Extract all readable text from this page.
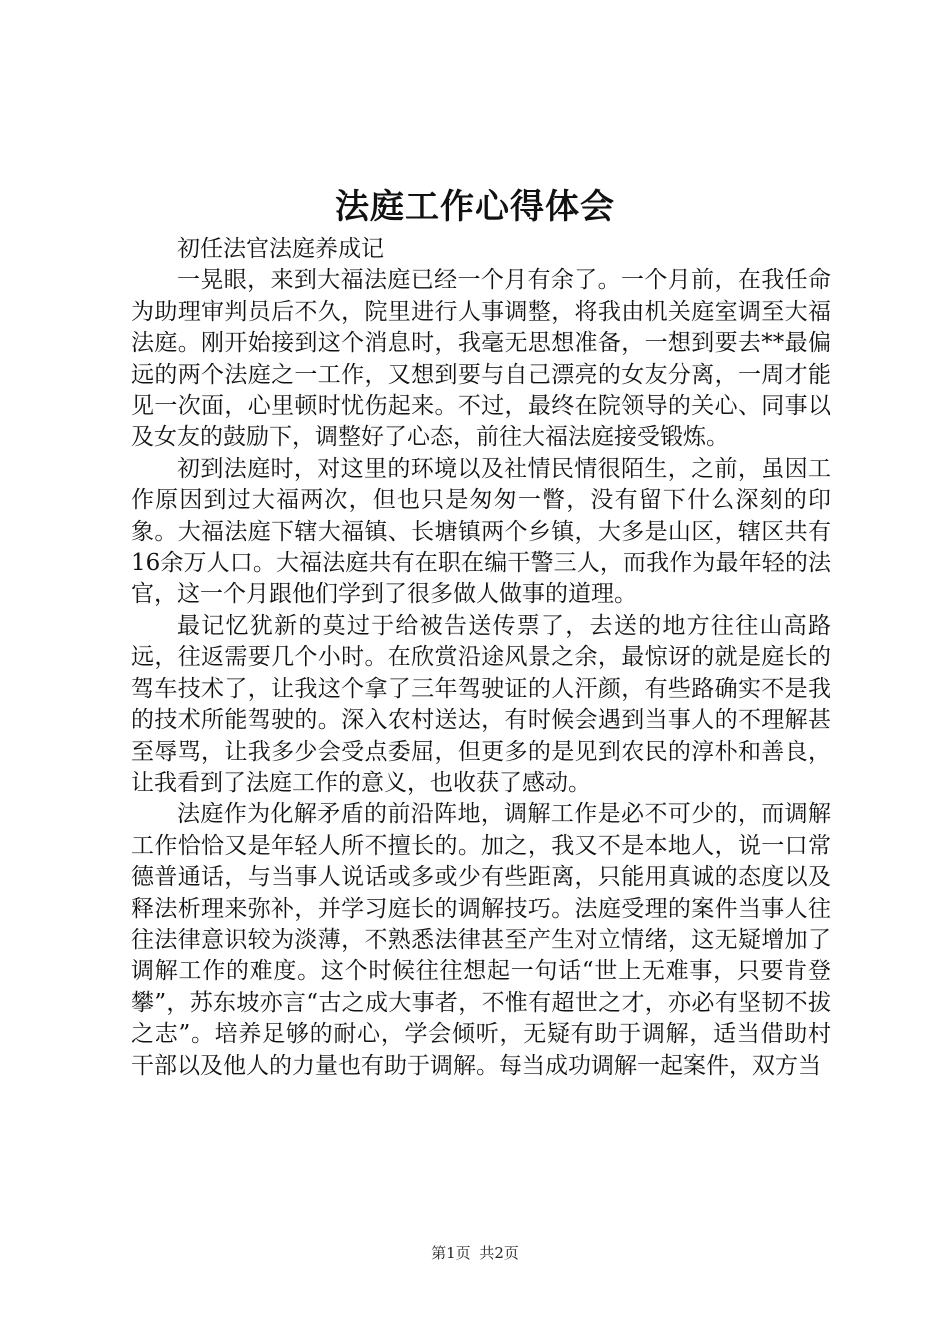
法庭工作心得体会

初任法官法庭养成记

一晃眼，来到大福法庭已经一个月有余了。一个月前，在我任命为助理审判员后不久，院里进行人事调整，将我由机关庭室调至大福法庭。刚开始接到这个消息时，我毫无思想准备，一想到要去**最偏远的两个法庭之一工作，又想到要与自己漂亮的女友分离，一周才能见一次面，心里顿时忧伤起来。不过，最终在院领导的关心、同事以及女友的鼓励下，调整好了心态，前往大福法庭接受锻炼。

初到法庭时，对这里的环境以及社情民情很陌生，之前，虽因工作原因到过大福两次，但也只是匆匆一瞥，没有留下什么深刻的印象。大福法庭下辖大福镇、长塘镇两个乡镇，大多是山区，辖区共有16余万人口。大福法庭共有在职在编干警三人，而我作为最年轻的法官，这一个月跟他们学到了很多做人做事的道理。

最记忆犹新的莫过于给被告送传票了，去送的地方往往山高路远，往返需要几个小时。在欣赏沿途风景之余，最惊讶的就是庭长的驾车技术了，让我这个拿了三年驾驶证的人汗颜，有些路确实不是我的技术所能驾驶的。深入农村送达，有时候会遇到当事人的不理解甚至辱骂，让我多少会受点委屈，但更多的是见到农民的淳朴和善良，让我看到了法庭工作的意义，也收获了感动。

法庭作为化解矛盾的前沿阵地，调解工作是必不可少的，而调解工作恰恰又是年轻人所不擅长的。加之，我又不是本地人，说一口常德普通话，与当事人说话或多或少有些距离，只能用真诚的态度以及释法析理来弥补，并学习庭长的调解技巧。法庭受理的案件当事人往往法律意识较为淡薄，不熟悉法律甚至产生对立情绪，这无疑增加了调解工作的难度。这个时候往往想起一句话“世上无难事，只要肯登攀”，苏东坡亦言“古之成大事者，不惟有超世之才，亦必有坚韧不拔之志”。培养足够的耐心，学会倾听，无疑有助于调解，适当借助村干部以及他人的力量也有助于调解。每当成功调解一起案件，双方当

第1页 共2页
